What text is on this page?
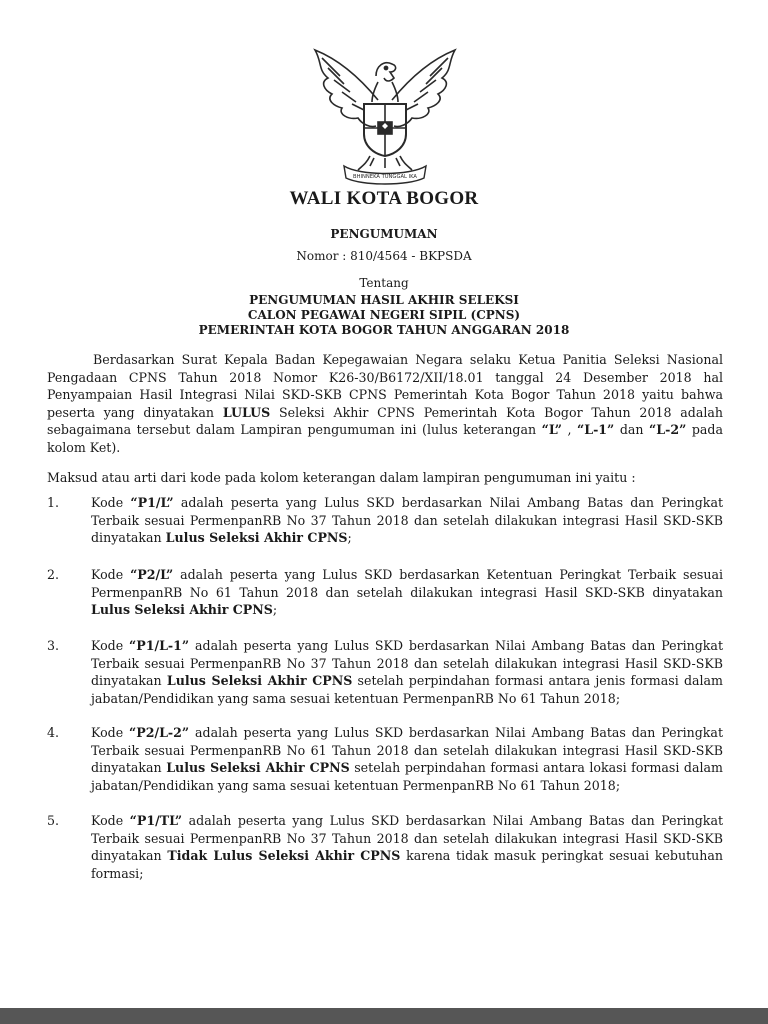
BHINNEKA TUNGGAL IKA
WALI KOTA BOGOR
PENGUMUMAN
Nomor : 810/4564 - BKPSDA
Tentang
PENGUMUMAN HASIL AKHIR SELEKSI
CALON PEGAWAI NEGERI SIPIL (CPNS)
PEMERINTAH KOTA BOGOR TAHUN ANGGARAN 2018
Berdasarkan Surat Kepala Badan Kepegawaian Negara selaku Ketua Panitia Seleksi Nasional Pengadaan CPNS Tahun 2018 Nomor K26-30/B6172/XII/18.01 tanggal 24 Desember 2018 hal Penyampaian Hasil Integrasi Nilai SKD-SKB CPNS Pemerintah Kota Bogor Tahun 2018 yaitu bahwa peserta yang dinyatakan LULUS Seleksi Akhir CPNS Pemerintah Kota Bogor Tahun 2018 adalah sebagaimana tersebut dalam Lampiran pengumuman ini (lulus keterangan “L” , “L-1” dan “L-2” pada kolom Ket).
Maksud atau arti dari kode pada kolom keterangan dalam lampiran pengumuman ini yaitu :
1.	Kode “P1/L” adalah peserta yang Lulus SKD berdasarkan Nilai Ambang Batas dan Peringkat Terbaik sesuai PermenpanRB No 37 Tahun 2018 dan setelah dilakukan integrasi Hasil SKD-SKB dinyatakan Lulus Seleksi Akhir CPNS;
2.	Kode “P2/L” adalah peserta yang Lulus SKD berdasarkan Ketentuan Peringkat Terbaik sesuai PermenpanRB No 61 Tahun 2018 dan setelah dilakukan integrasi Hasil SKD-SKB dinyatakan Lulus Seleksi Akhir CPNS;
3.	Kode “P1/L-1” adalah peserta yang Lulus SKD berdasarkan Nilai Ambang Batas dan Peringkat Terbaik sesuai PermenpanRB No 37 Tahun 2018 dan setelah dilakukan integrasi Hasil SKD-SKB dinyatakan Lulus Seleksi Akhir CPNS setelah perpindahan formasi antara jenis formasi dalam jabatan/Pendidikan yang sama sesuai ketentuan PermenpanRB No 61 Tahun 2018;
4.	Kode “P2/L-2” adalah peserta yang Lulus SKD berdasarkan Nilai Ambang Batas dan Peringkat Terbaik sesuai PermenpanRB No 61 Tahun 2018 dan setelah dilakukan integrasi Hasil SKD-SKB dinyatakan Lulus Seleksi Akhir CPNS setelah perpindahan formasi antara lokasi formasi dalam jabatan/Pendidikan yang sama sesuai ketentuan PermenpanRB No 61 Tahun 2018;
5.	Kode “P1/TL” adalah peserta yang Lulus SKD berdasarkan Nilai Ambang Batas dan Peringkat Terbaik sesuai PermenpanRB No 37 Tahun 2018 dan setelah dilakukan integrasi Hasil SKD-SKB dinyatakan Tidak Lulus Seleksi Akhir CPNS karena tidak masuk peringkat sesuai kebutuhan formasi;
